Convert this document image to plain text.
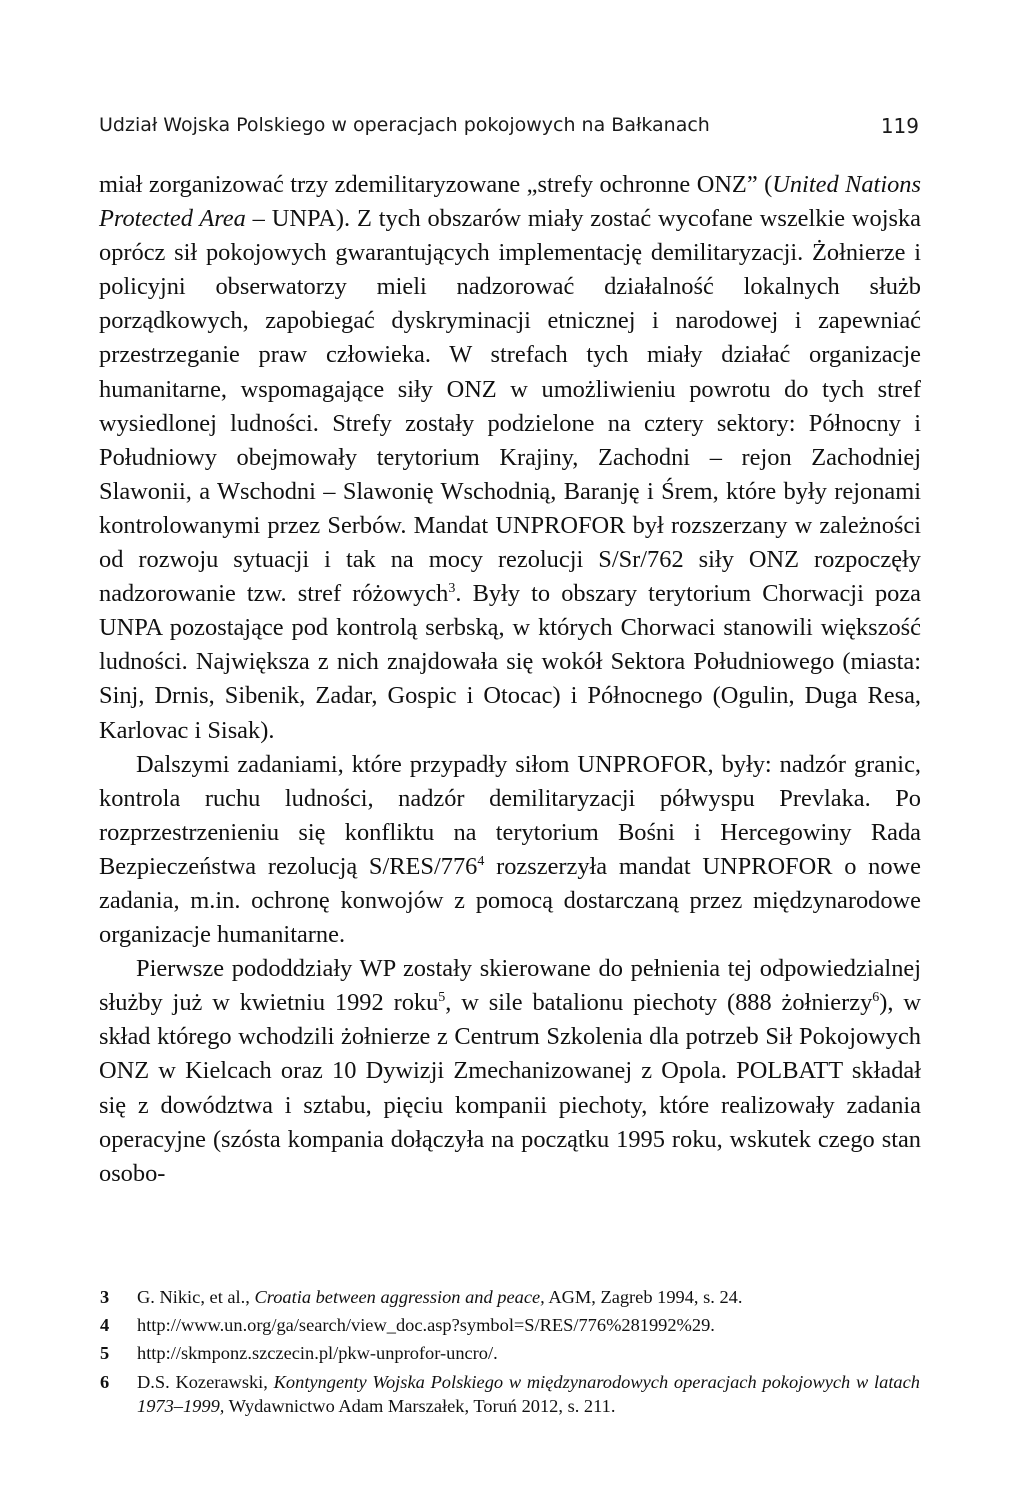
Udział Wojska Polskiego w operacjach pokojowych na Bałkanach	119

miał zorganizować trzy zdemilitaryzowane „strefy ochronne ONZ” (United Nations Protected Area – UNPA). Z tych obszarów miały zostać wycofane wszelkie wojska oprócz sił pokojowych gwarantujących implementację demilitaryzacji. Żołnierze i policyjni obserwatorzy mieli nadzorować działalność lokalnych służb porządkowych, zapobiegać dyskryminacji etnicznej i narodowej i zapewniać przestrzeganie praw człowieka. W strefach tych miały działać organizacje humanitarne, wspomagające siły ONZ w umożliwieniu powrotu do tych stref wysiedlonej ludności. Strefy zostały podzielone na cztery sektory: Północny i Południowy obejmowały terytorium Krajiny, Zachodni – rejon Zachodniej Slawonii, a Wschodni – Slawonię Wschodnią, Baranję i Śrem, które były rejonami kontrolowanymi przez Serbów. Mandat UNPROFOR był rozszerzany w zależności od rozwoju sytuacji i tak na mocy rezolucji S/Sr/762 siły ONZ rozpoczęły nadzorowanie tzw. stref różowych$^3$. Były to obszary terytorium Chorwacji poza UNPA pozostające pod kontrolą serbską, w których Chorwaci stanowili większość ludności. Największa z nich znajdowała się wokół Sektora Południowego (miasta: Sinj, Drnis, Sibenik, Zadar, Gospic i Otocac) i Północnego (Ogulin, Duga Resa, Karlovac i Sisak).

Dalszymi zadaniami, które przypadły siłom UNPROFOR, były: nadzór granic, kontrola ruchu ludności, nadzór demilitaryzacji półwyspu Prevlaka. Po rozprzestrzenieniu się konfliktu na terytorium Bośni i Hercegowiny Rada Bezpieczeństwa rezolucją $S/RES/776^4$ rozszerzyła mandat UNPROFOR o nowe zadania, m.in. ochronę konwojów z pomocą dostarczaną przez międzynarodowe organizacje humanitarne.

Pierwsze pododdziały WP zostały skierowane do pełnienia tej odpowiedzialnej służby już w kwietniu 1992 roku$^5$, w sile batalionu piechoty (888 żołnierzy$^6$), w skład którego wchodzili żołnierze z Centrum Szkolenia dla potrzeb Sił Pokojowych ONZ w Kielcach oraz 10 Dywizji Zmechanizowanej z Opola. POLBATT składał się z dowództwa i sztabu, pięciu kompanii piechoty, które realizowały zadania operacyjne (szósta kompania dołączyła na początku 1995 roku, wskutek czego stan osobo-

3 G. Nikic, et al., Croatia between aggression and peace, AGM, Zagreb 1994, s. 24.

4 http://www.un.org/ga/search/view_doc.asp?symbol=S/RES/776%281992%29.

5 http://skmponz.szczecin.pl/pkw-unprofor-uncro/.

6 D.S. Kozerawski, Kontyngenty Wojska Polskiego w międzynarodowych operacjach pokojowych w latach 1973–1999, Wydawnictwo Adam Marszałek, Toruń 2012, s. 211.
